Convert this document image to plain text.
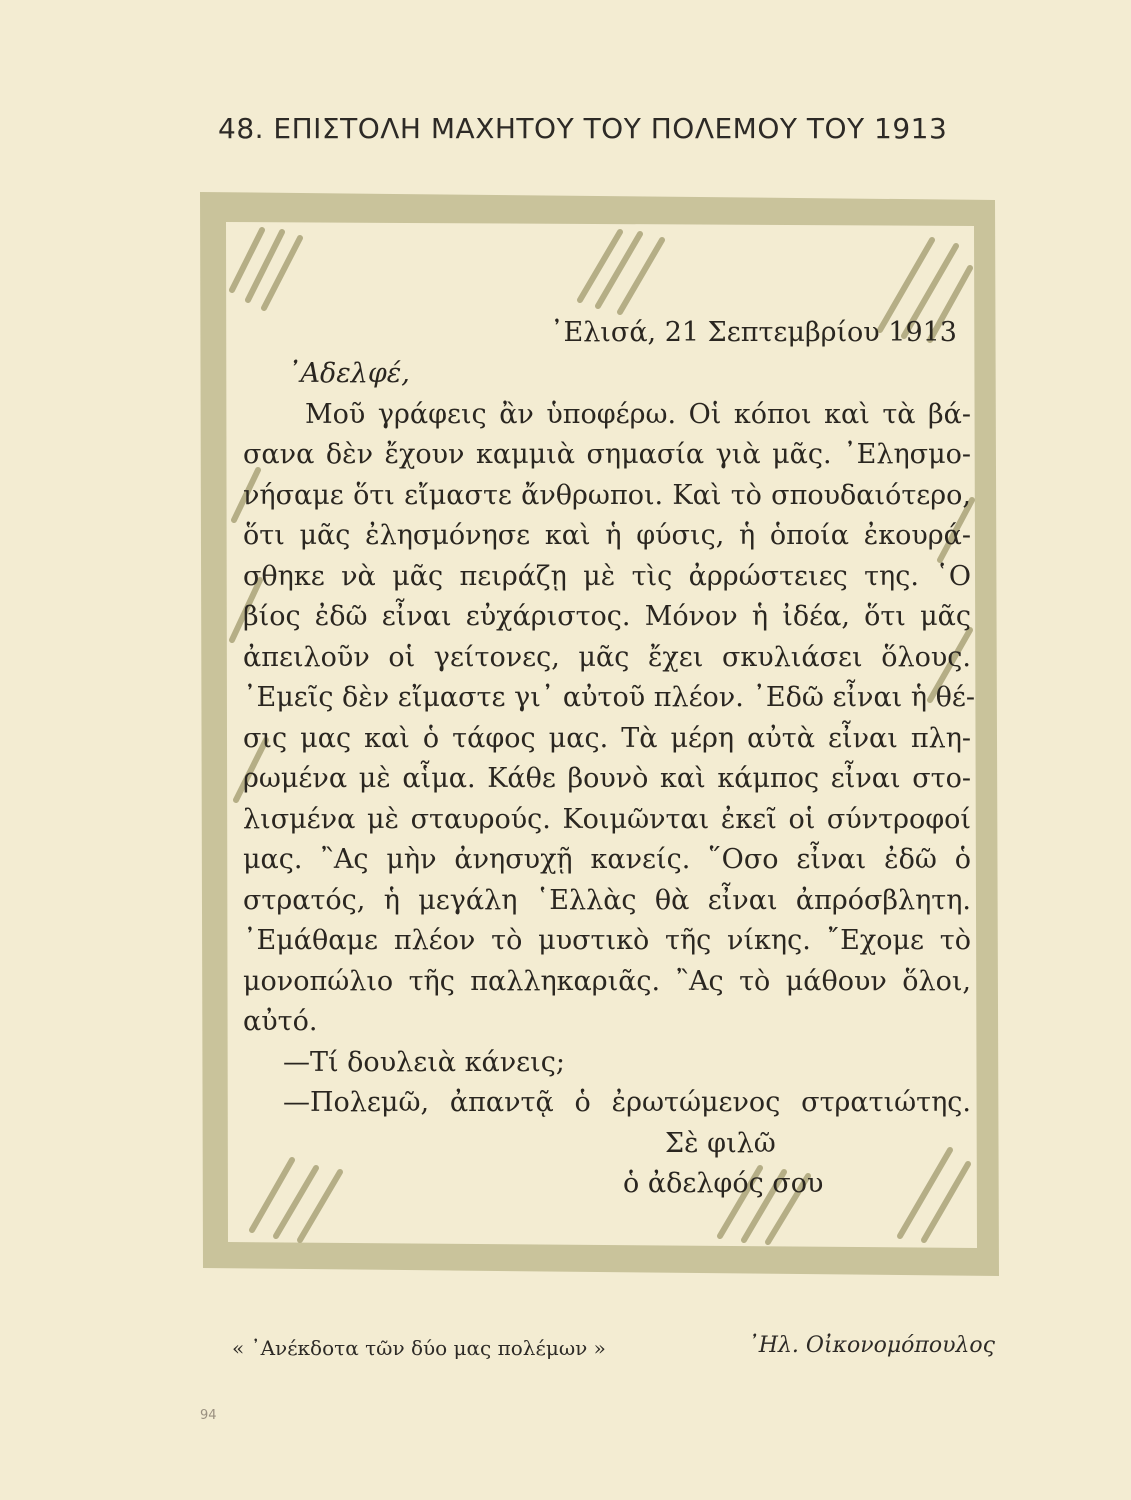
48. ΕΠΙΣΤΟΛΗ ΜΑΧΗΤΟΥ ΤΟΥ ΠΟΛΕΜΟΥ ΤΟΥ 1913
᾿Ελισά, 21 Σεπτεμβρίου 1913
᾿Αδελφέ,
Μοῦ γράφεις ἂν ὑποφέρω. Οἱ κόποι καὶ τὰ βά-
σανα δὲν ἔχουν καμμιὰ σημασία γιὰ μᾶς. ᾿Ελησμο-
νήσαμε ὅτι εἴμαστε ἄνθρωποι. Καὶ τὸ σπουδαιότερο,
ὅτι μᾶς ἐλησμόνησε καὶ ἡ φύσις, ἡ ὁποία ἐκουρά-
σθηκε νὰ μᾶς πειράζῃ μὲ τὶς ἀρρώστειες της. ῾Ο
βίος ἐδῶ εἶναι εὐχάριστος. Μόνον ἡ ἰδέα, ὅτι μᾶς
ἀπειλοῦν οἱ γείτονες, μᾶς ἔχει σκυλιάσει ὅλους.
᾿Εμεῖς δὲν εἴμαστε γι᾿ αὐτοῦ πλέον. ᾿Εδῶ εἶναι ἡ θέ-
σις μας καὶ ὁ τάφος μας. Τὰ μέρη αὐτὰ εἶναι πλη-
ρωμένα μὲ αἷμα. Κάθε βουνὸ καὶ κάμπος εἶναι στο-
λισμένα μὲ σταυρούς. Κοιμῶνται ἐκεῖ οἱ σύντροφοί
μας. ῍Ας μὴν ἀνησυχῇ κανείς. ῞Οσο εἶναι ἐδῶ ὁ
στρατός, ἡ μεγάλη ῾Ελλὰς θὰ εἶναι ἀπρόσβλητη.
᾿Εμάθαμε πλέον τὸ μυστικὸ τῆς νίκης. ῎Εχομε τὸ
μονοπώλιο τῆς παλληκαριᾶς. ῍Ας τὸ μάθουν ὅλοι,
αὐτό.
—Τί δουλειὰ κάνεις;
—Πολεμῶ, ἀπαντᾷ ὁ ἐρωτώμενος στρατιώτης.
Σὲ φιλῶ
ὁ ἀδελφός σου
« ᾿Ανέκδοτα τῶν δύο μας πολέμων »	᾿Ηλ. Οἰκονομόπουλος
94
